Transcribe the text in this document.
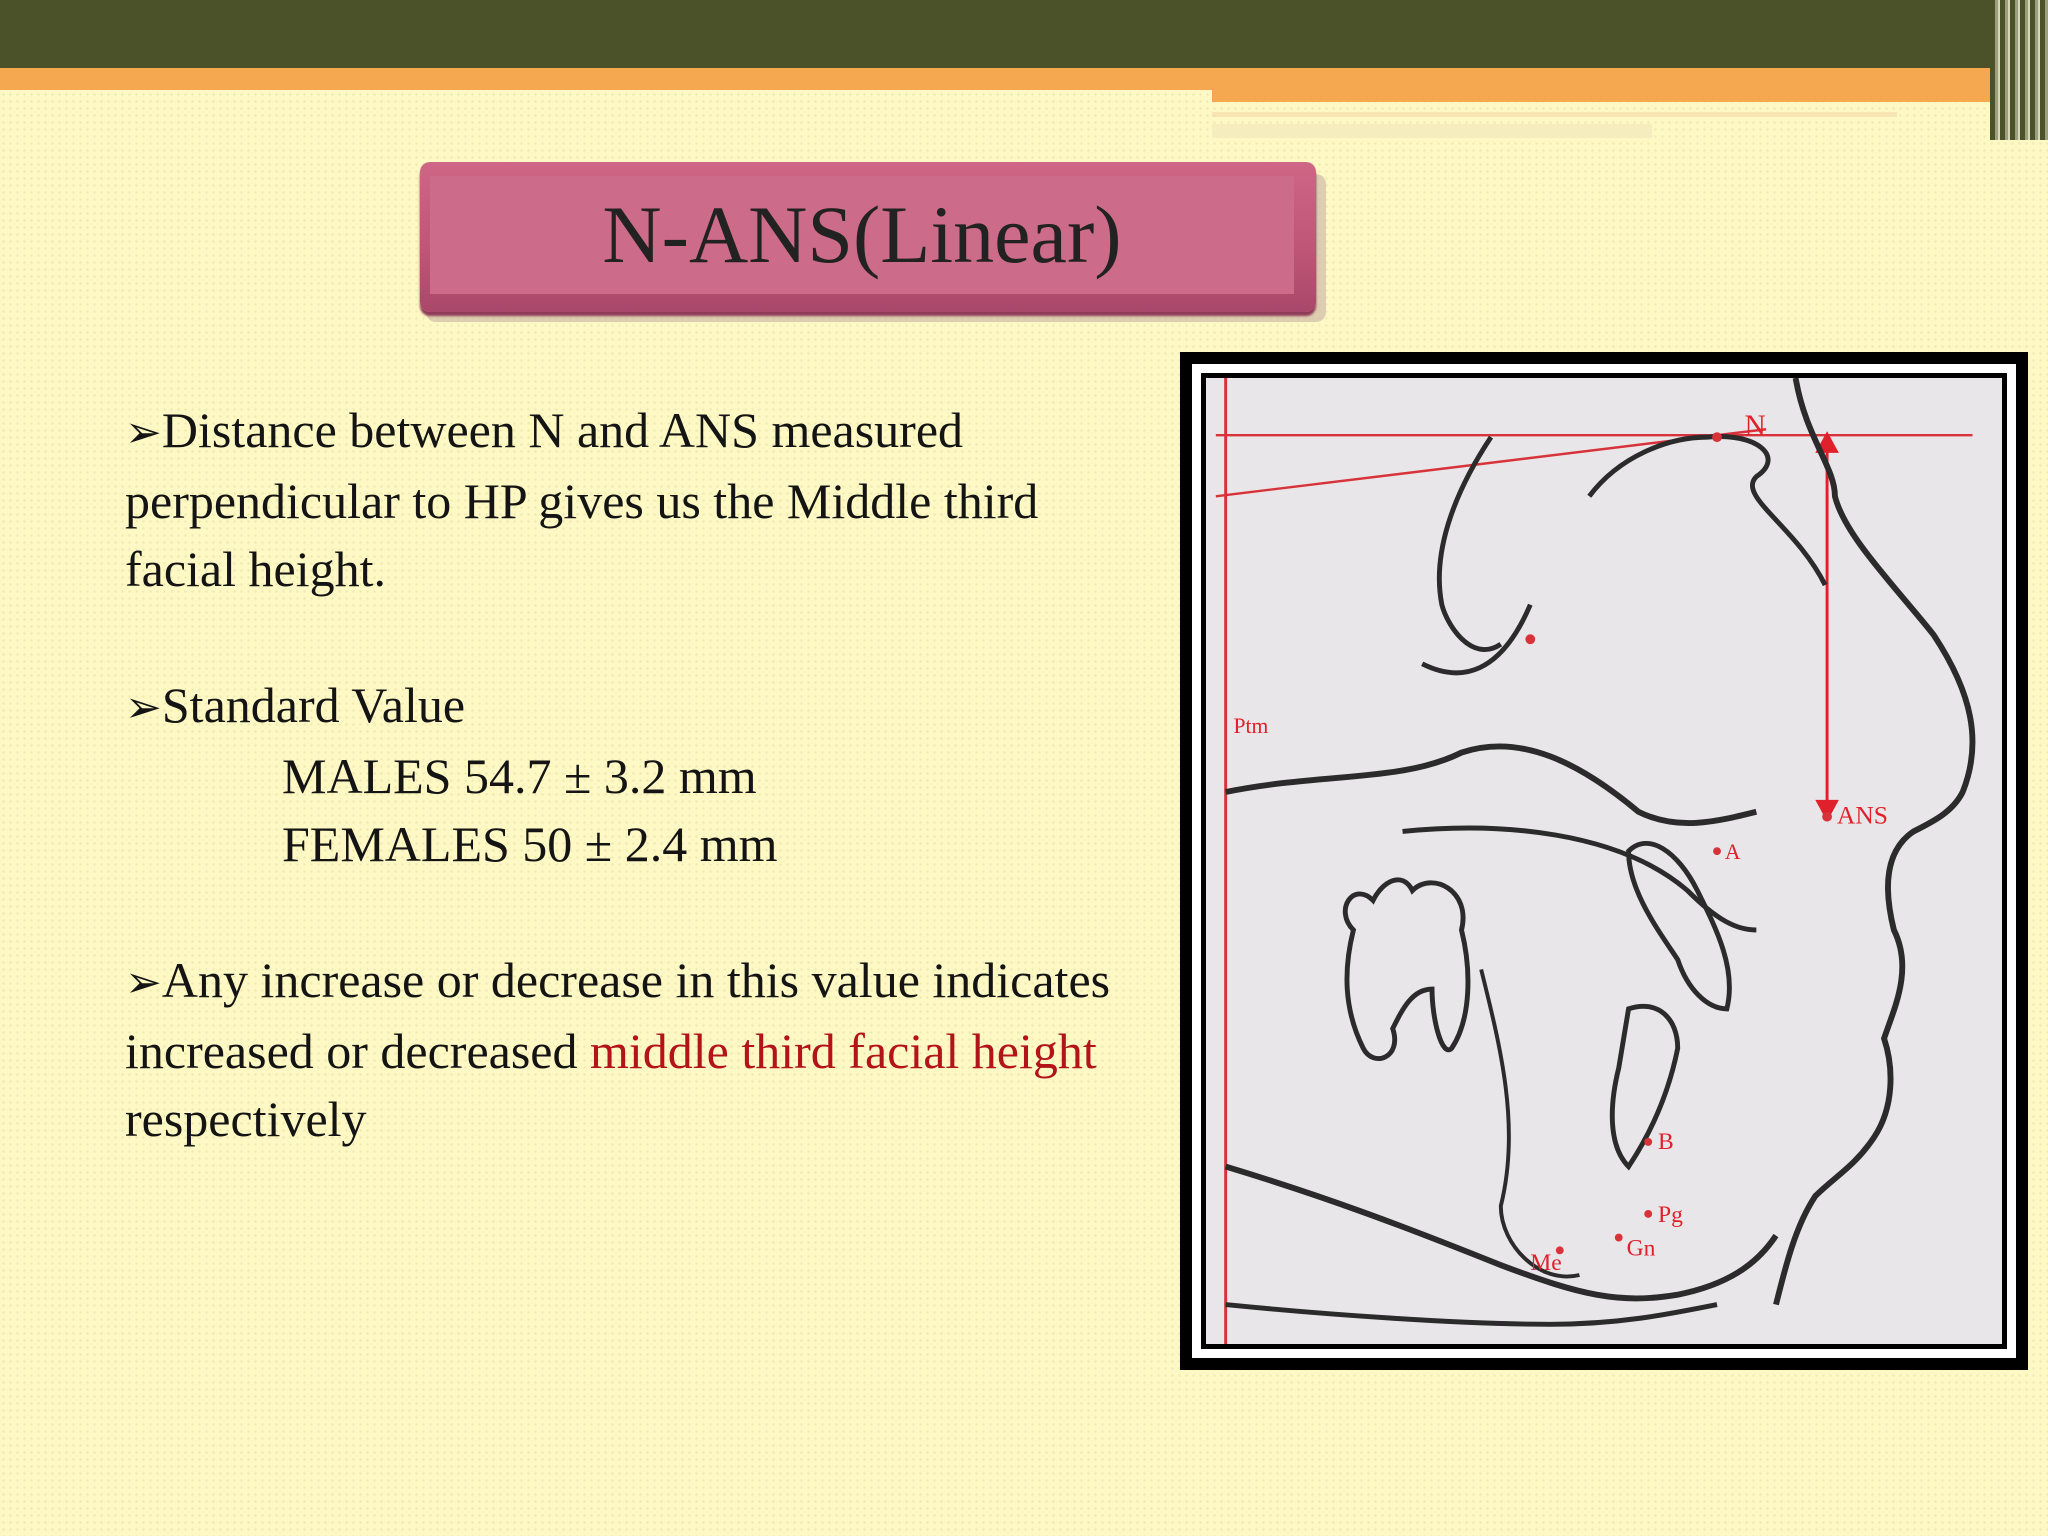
N-ANS(Linear)

➢Distance between N and ANS measured perpendicular to HP gives us the Middle third facial height.

➢Standard Value

MALES 54.7 ± 3.2 mm

FEMALES 50 ± 2.4 mm

➢Any increase or decrease in this value indicates increased or decreased middle third facial height respectively

N
ANS
Ptm
A
B
Pg
Gn
Me
